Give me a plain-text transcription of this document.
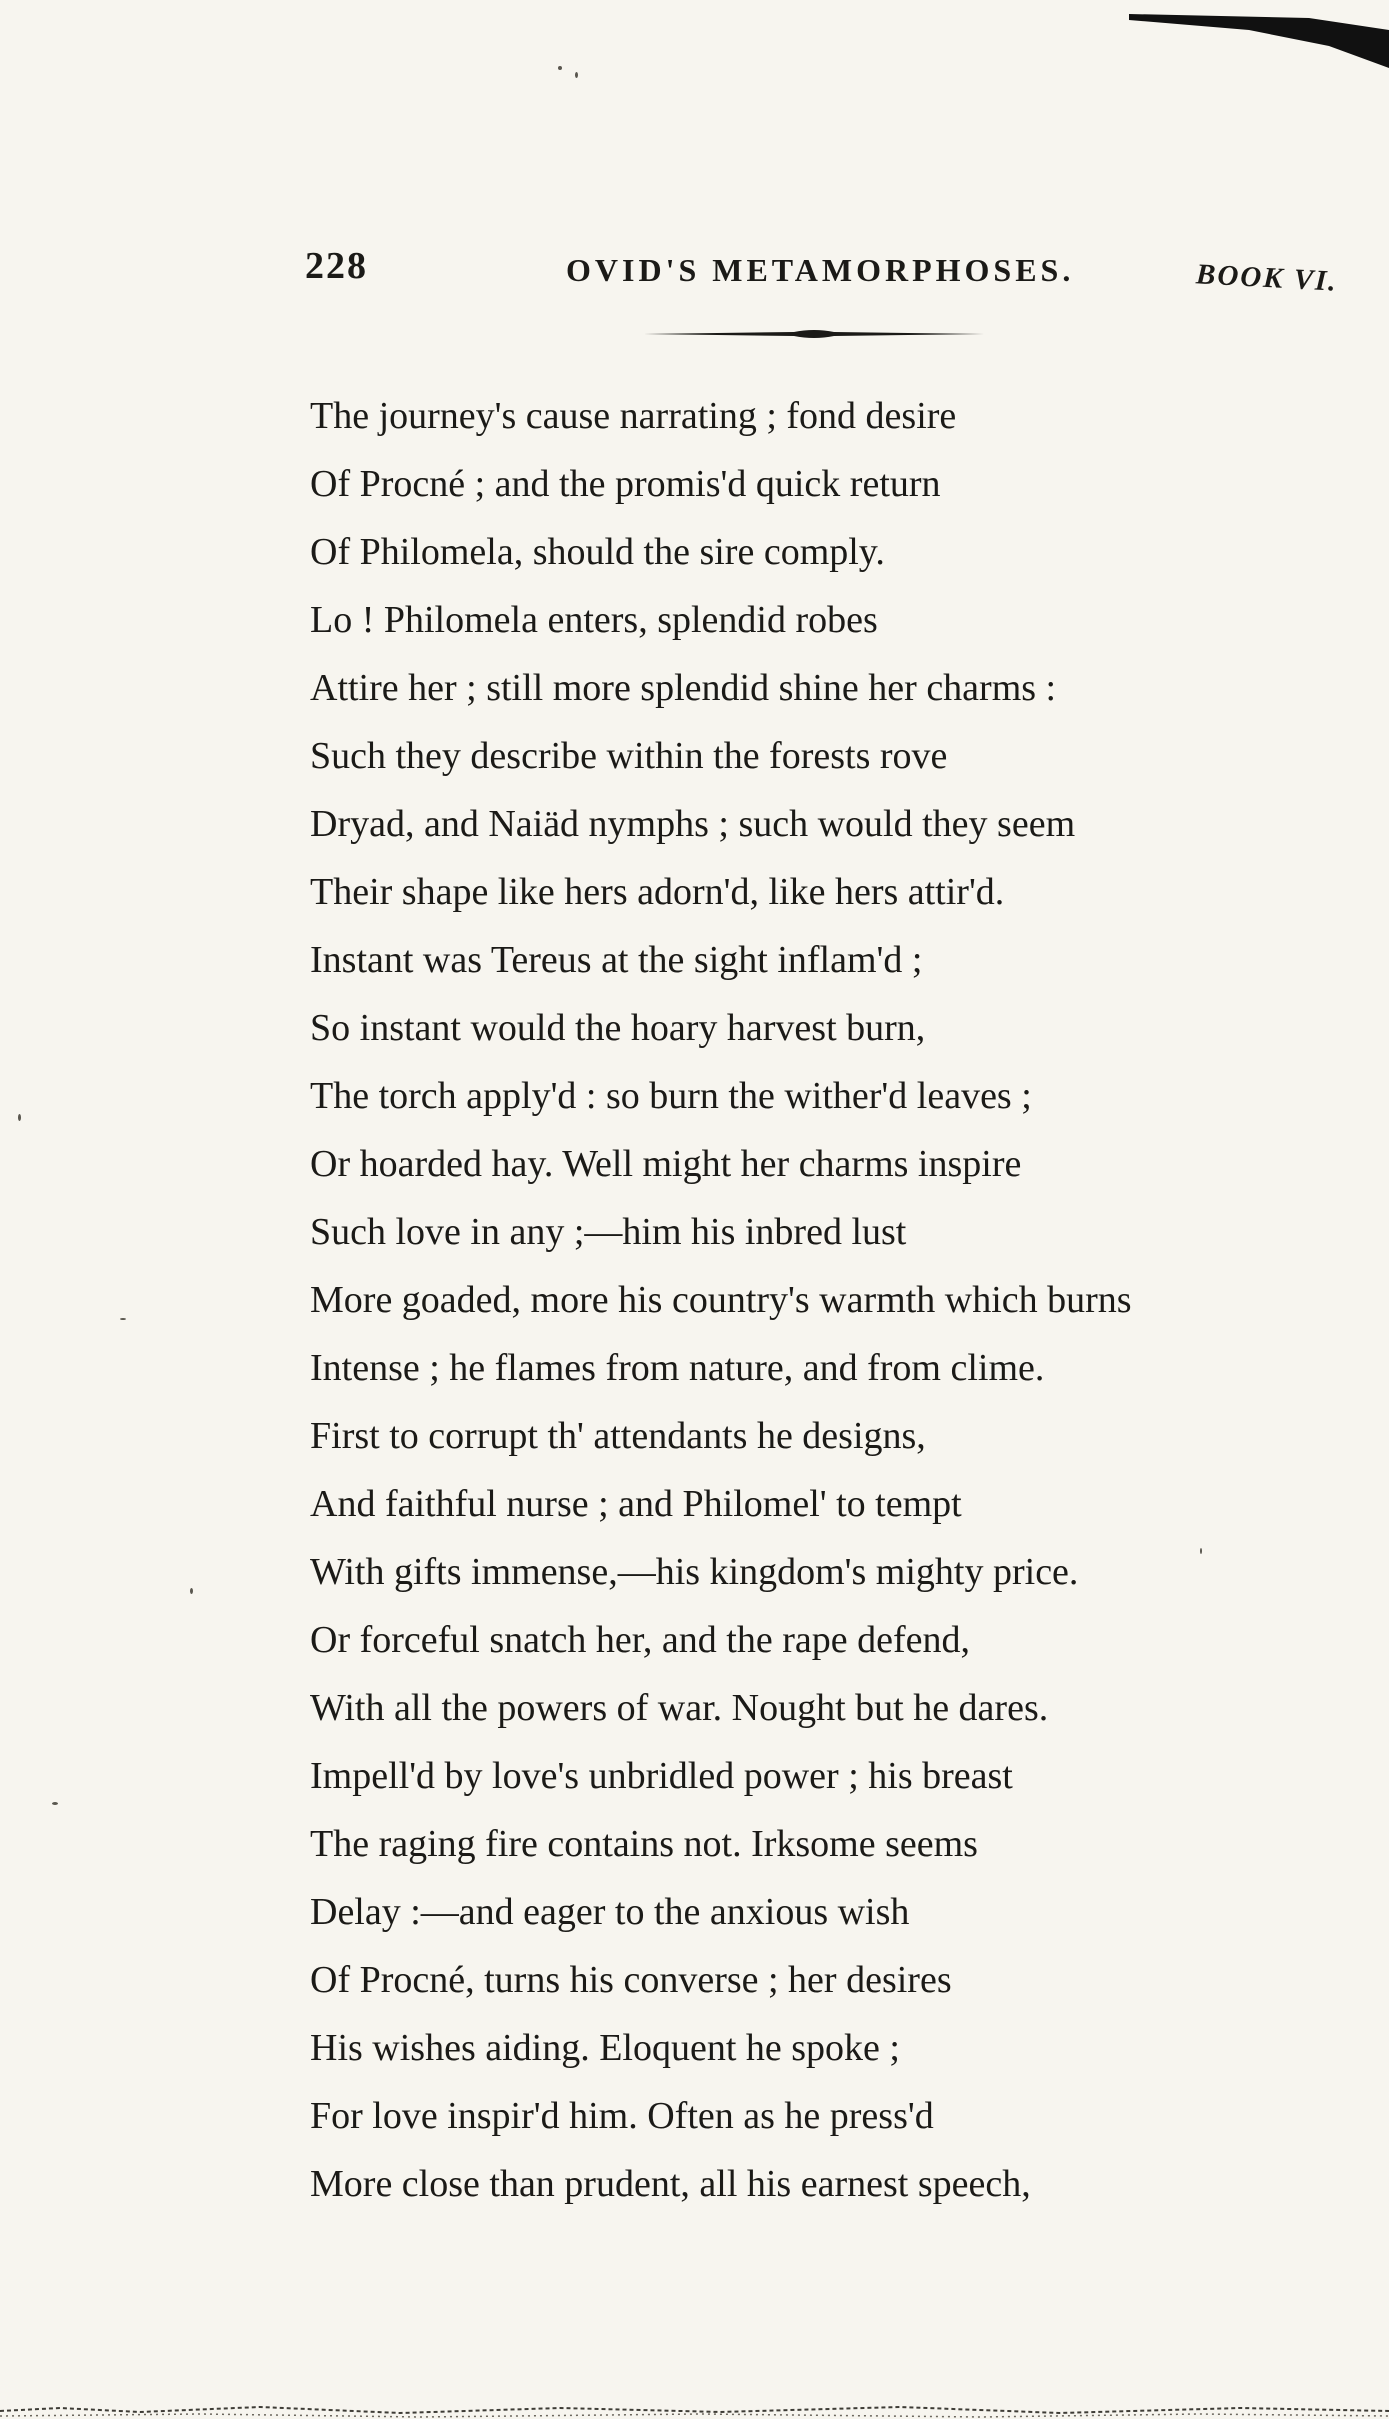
228	OVID'S METAMORPHOSES.	BOOK VI.
The journey's cause narrating ; fond desire
Of Procné ; and the promis'd quick return
Of Philomela, should the sire comply.
Lo ! Philomela enters, splendid robes
Attire her ; still more splendid shine her charms :
Such they describe within the forests rove
Dryad, and Naiäd nymphs ; such would they seem
Their shape like hers adorn'd, like hers attir'd.
Instant was Tereus at the sight inflam'd ;
So instant would the hoary harvest burn,
The torch apply'd : so burn the wither'd leaves ;
Or hoarded hay. Well might her charms inspire
Such love in any ;—him his inbred lust
More goaded, more his country's warmth which burns
Intense ; he flames from nature, and from clime.
First to corrupt th' attendants he designs,
And faithful nurse ; and Philomel' to tempt
With gifts immense,—his kingdom's mighty price.
Or forceful snatch her, and the rape defend,
With all the powers of war. Nought but he dares.
Impell'd by love's unbridled power ; his breast
The raging fire contains not. Irksome seems
Delay :—and eager to the anxious wish
Of Procné, turns his converse ; her desires
His wishes aiding. Eloquent he spoke ;
For love inspir'd him. Often as he press'd
More close than prudent, all his earnest speech,
